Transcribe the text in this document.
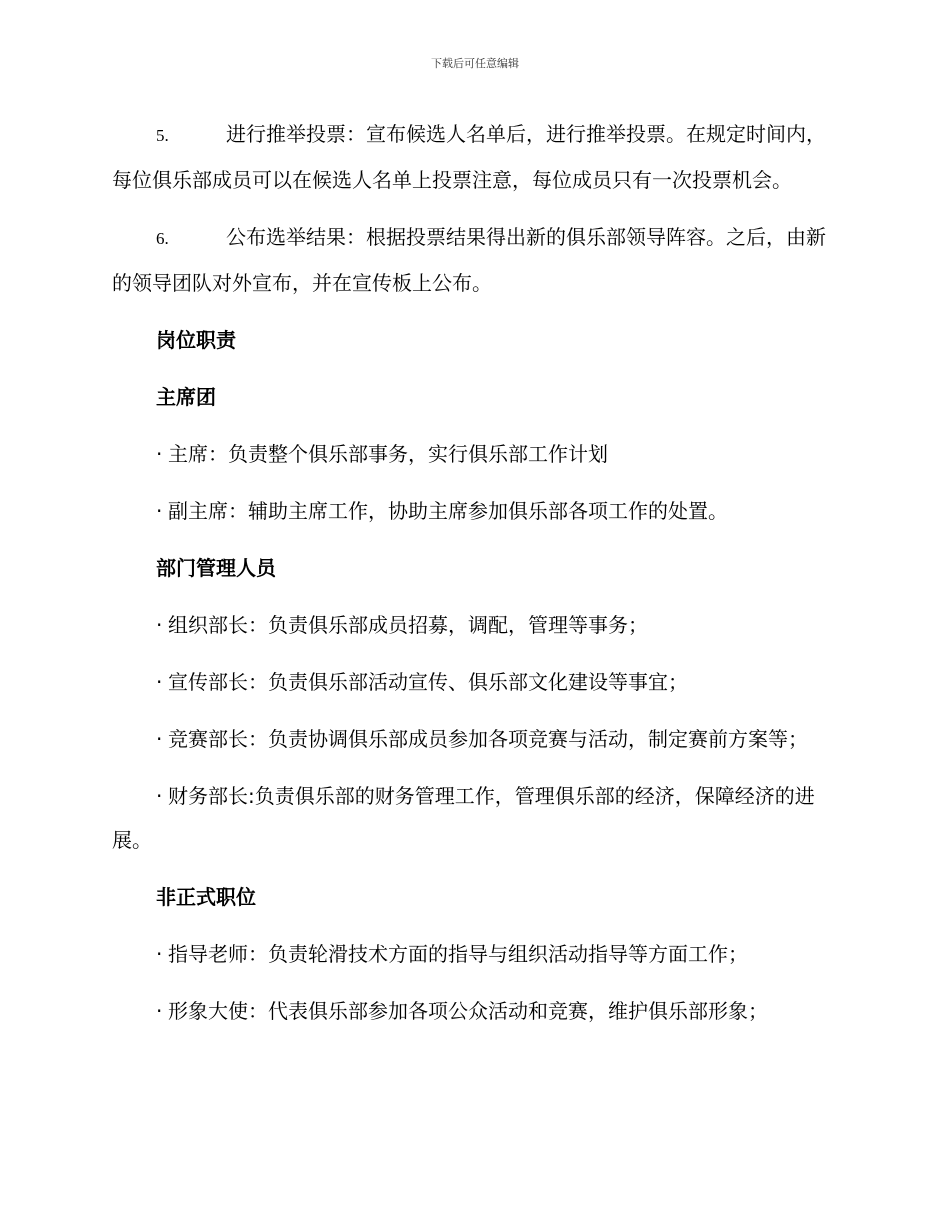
下载后可任意编辑

5.	进行推举投票：宣布候选人名单后，进行推举投票。在规定时间内，每位俱乐部成员可以在候选人名单上投票注意，每位成员只有一次投票机会。

6.	公布选举结果：根据投票结果得出新的俱乐部领导阵容。之后，由新的领导团队对外宣布，并在宣传板上公布。

岗位职责

主席团

· 主席：负责整个俱乐部事务，实行俱乐部工作计划

· 副主席：辅助主席工作，协助主席参加俱乐部各项工作的处置。

部门管理人员

· 组织部长：负责俱乐部成员招募，调配，管理等事务；

· 宣传部长：负责俱乐部活动宣传、俱乐部文化建设等事宜；

· 竞赛部长：负责协调俱乐部成员参加各项竞赛与活动，制定赛前方案等；

· 财务部长:负责俱乐部的财务管理工作，管理俱乐部的经济，保障经济的进展。

非正式职位

· 指导老师：负责轮滑技术方面的指导与组织活动指导等方面工作；

· 形象大使：代表俱乐部参加各项公众活动和竞赛，维护俱乐部形象；
